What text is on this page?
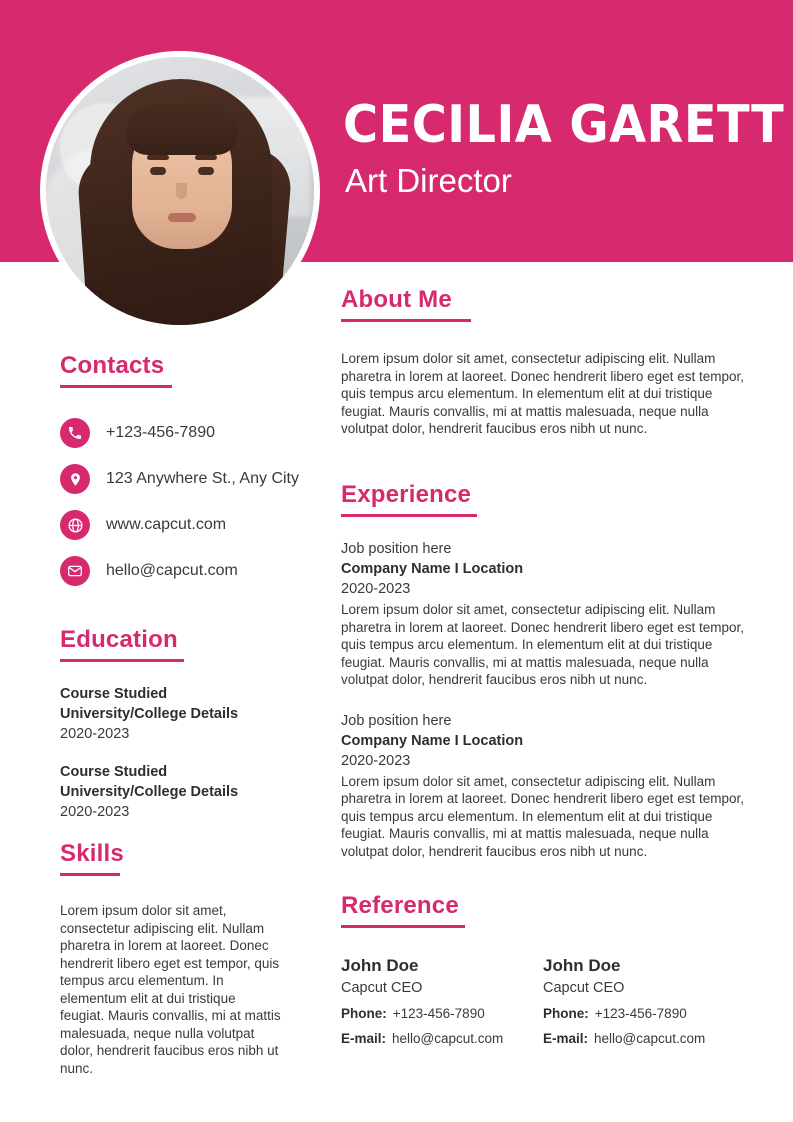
CECILIA GARETT
Art Director
Contacts
+123-456-7890
123 Anywhere St., Any City
www.capcut.com
hello@capcut.com
Education
Course Studied
University/College Details
2020-2023
Course Studied
University/College Details
2020-2023
Skills

Lorem ipsum dolor sit amet, consectetur adipiscing elit. Nullam pharetra in lorem at laoreet. Donec hendrerit libero eget est tempor, quis tempus arcu elementum. In elementum elit at dui tristique feugiat. Mauris convallis, mi at mattis malesuada, neque nulla volutpat dolor, hendrerit faucibus eros nibh ut nunc.

About Me

Lorem ipsum dolor sit amet, consectetur adipiscing elit. Nullam pharetra in lorem at laoreet. Donec hendrerit libero eget est tempor, quis tempus arcu elementum. In elementum elit at dui tristique feugiat. Mauris convallis, mi at mattis malesuada, neque nulla volutpat dolor, hendrerit faucibus eros nibh ut nunc.

Experience
Job position here
Company Name I Location
2020-2023

Lorem ipsum dolor sit amet, consectetur adipiscing elit. Nullam pharetra in lorem at laoreet. Donec hendrerit libero eget est tempor, quis tempus arcu elementum. In elementum elit at dui tristique feugiat. Mauris convallis, mi at mattis malesuada, neque nulla volutpat dolor, hendrerit faucibus eros nibh ut nunc.

Job position here
Company Name I Location
2020-2023

Lorem ipsum dolor sit amet, consectetur adipiscing elit. Nullam pharetra in lorem at laoreet. Donec hendrerit libero eget est tempor, quis tempus arcu elementum. In elementum elit at dui tristique feugiat. Mauris convallis, mi at mattis malesuada, neque nulla volutpat dolor, hendrerit faucibus eros nibh ut nunc.

Reference
John Doe
Capcut CEO
Phone: +123-456-7890
E-mail: hello@capcut.com
John Doe
Capcut CEO
Phone: +123-456-7890
E-mail: hello@capcut.com
